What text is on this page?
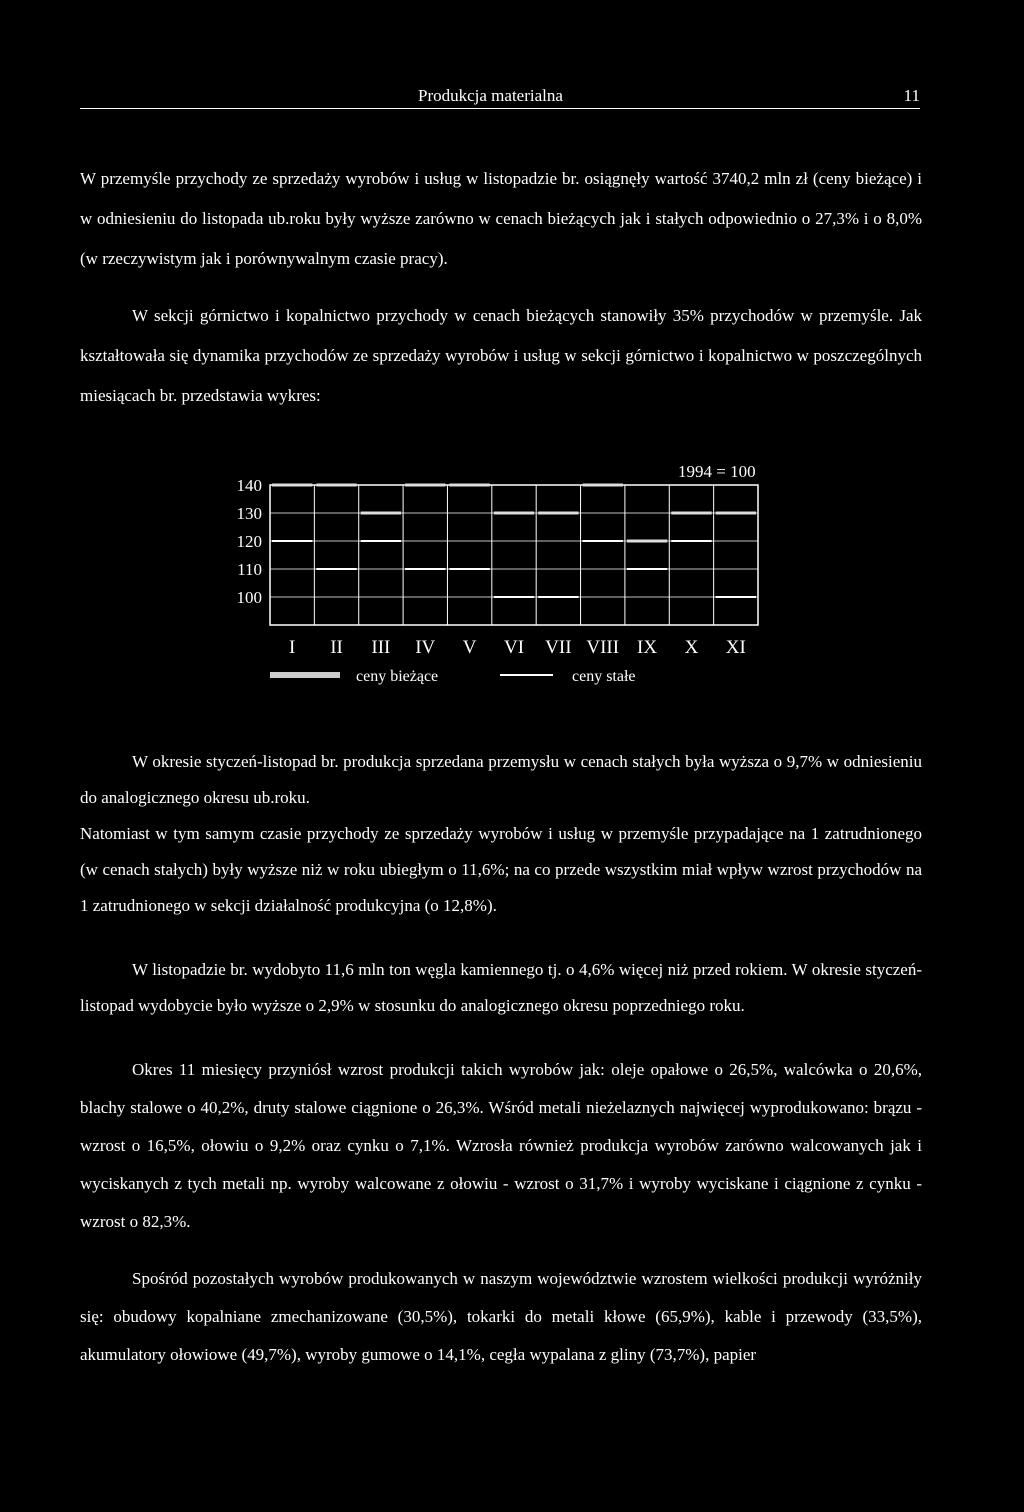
Produkcja materialna	11

W przemyśle przychody ze sprzedaży wyrobów i usług w listopadzie br. osiągnęły wartość 3740,2 mln zł (ceny bieżące) i w odniesieniu do listopada ub.roku były wyższe zarówno w cenach bieżących jak i stałych odpowiednio o 27,3% i o 8,0% (w rzeczywistym jak i porównywalnym czasie pracy).

W sekcji górnictwo i kopalnictwo przychody w cenach bieżących stanowiły 35% przychodów w przemyśle. Jak kształtowała się dynamika przychodów ze sprzedaży wyrobów i usług w sekcji górnictwo i kopalnictwo w poszczególnych miesiącach br. przedstawia wykres:

1994 = 100
140
130
120
110
100
I II III IV V VI VII VIII IX X XI
ceny bieżące	ceny stałe

W okresie styczeń-listopad br. produkcja sprzedana przemysłu w cenach stałych była wyższa o 9,7% w odniesieniu do analogicznego okresu ub.roku.

Natomiast w tym samym czasie przychody ze sprzedaży wyrobów i usług w przemyśle przypadające na 1 zatrudnionego (w cenach stałych) były wyższe niż w roku ubiegłym o 11,6%; na co przede wszystkim miał wpływ wzrost przychodów na 1 zatrudnionego w sekcji działalność produkcyjna (o 12,8%).

W listopadzie br. wydobyto 11,6 mln ton węgla kamiennego tj. o 4,6% więcej niż przed rokiem. W okresie styczeń-listopad wydobycie było wyższe o 2,9% w stosunku do analogicznego okresu poprzedniego roku.

Okres 11 miesięcy przyniósł wzrost produkcji takich wyrobów jak: oleje opałowe o 26,5%, walcówka o 20,6%, blachy stalowe o 40,2%, druty stalowe ciągnione o 26,3%. Wśród metali nieżelaznych najwięcej wyprodukowano: brązu - wzrost o 16,5%, ołowiu o 9,2% oraz cynku o 7,1%. Wzrosła również produkcja wyrobów zarówno walcowanych jak i wyciskanych z tych metali np. wyroby walcowane z ołowiu - wzrost o 31,7% i wyroby wyciskane i ciągnione z cynku - wzrost o 82,3%.

Spośród pozostałych wyrobów produkowanych w naszym województwie wzrostem wielkości produkcji wyróżniły się: obudowy kopalniane zmechanizowane (30,5%), tokarki do metali kłowe (65,9%), kable i przewody (33,5%), akumulatory ołowiowe (49,7%), wyroby gumowe o 14,1%, cegła wypalana z gliny (73,7%), papier
